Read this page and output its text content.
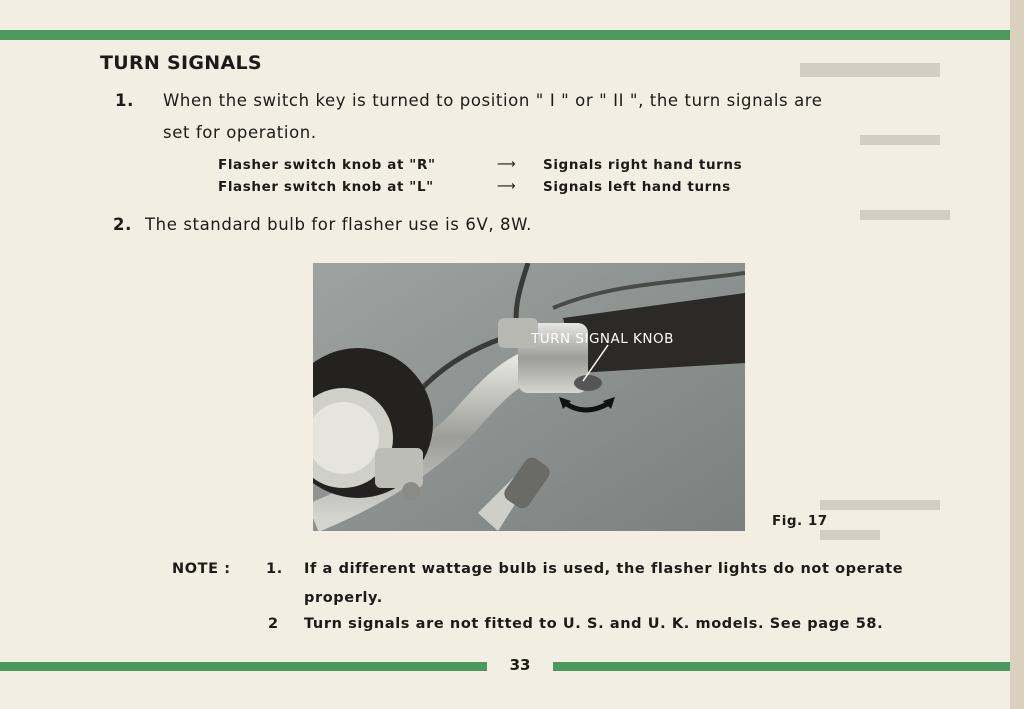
TURN SIGNALS
1. When the switch key is turned to position " I " or " II ", the turn signals are
set for operation.
Flasher switch knob at "R"	⟶ Signals right hand turns
Flasher switch knob at "L"	⟶ Signals left hand turns
2. The standard bulb for flasher use is 6V, 8W.
TURN SIGNAL KNOB
Fig. 17
NOTE : 1. If a different wattage bulb is used, the flasher lights do not operate
properly.
2 Turn signals are not fitted to U. S. and U. K. models. See page 58.
33
